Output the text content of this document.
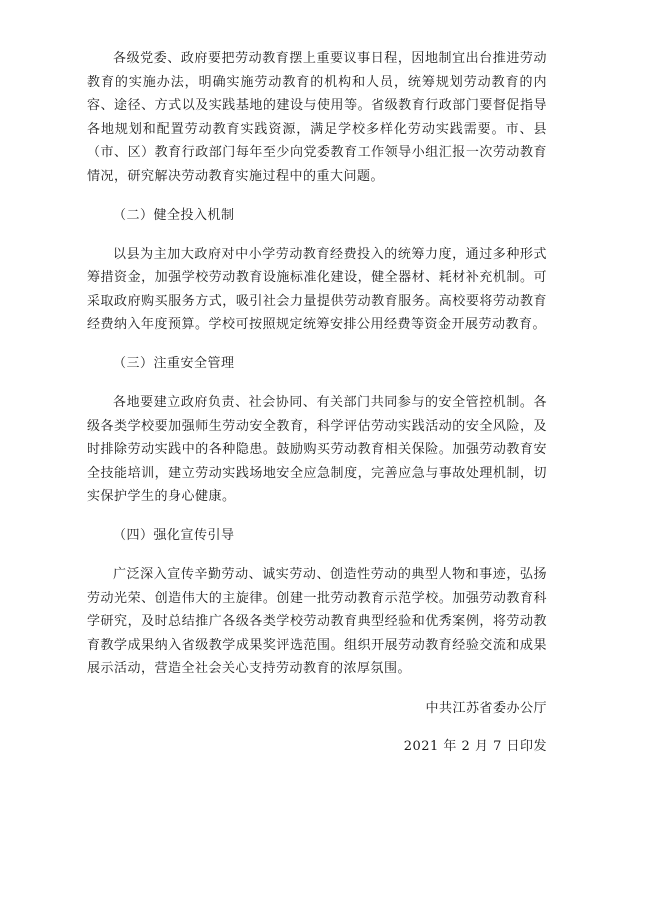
各级党委、政府要把劳动教育摆上重要议事日程，因地制宜出台推进劳动教育的实施办法，明确实施劳动教育的机构和人员，统筹规划劳动教育的内容、途径、方式以及实践基地的建设与使用等。省级教育行政部门要督促指导各地规划和配置劳动教育实践资源，满足学校多样化劳动实践需要。市、县（市、区）教育行政部门每年至少向党委教育工作领导小组汇报一次劳动教育情况，研究解决劳动教育实施过程中的重大问题。

（二）健全投入机制

以县为主加大政府对中小学劳动教育经费投入的统筹力度，通过多种形式筹措资金，加强学校劳动教育设施标准化建设，健全器材、耗材补充机制。可采取政府购买服务方式，吸引社会力量提供劳动教育服务。高校要将劳动教育经费纳入年度预算。学校可按照规定统筹安排公用经费等资金开展劳动教育。

（三）注重安全管理

各地要建立政府负责、社会协同、有关部门共同参与的安全管控机制。各级各类学校要加强师生劳动安全教育，科学评估劳动实践活动的安全风险，及时排除劳动实践中的各种隐患。鼓励购买劳动教育相关保险。加强劳动教育安全技能培训，建立劳动实践场地安全应急制度，完善应急与事故处理机制，切实保护学生的身心健康。

（四）强化宣传引导

广泛深入宣传辛勤劳动、诚实劳动、创造性劳动的典型人物和事迹，弘扬劳动光荣、创造伟大的主旋律。创建一批劳动教育示范学校。加强劳动教育科学研究，及时总结推广各级各类学校劳动教育典型经验和优秀案例，将劳动教育教学成果纳入省级教学成果奖评选范围。组织开展劳动教育经验交流和成果展示活动，营造全社会关心支持劳动教育的浓厚氛围。

中共江苏省委办公厅

2021 年 2 月 7 日印发
